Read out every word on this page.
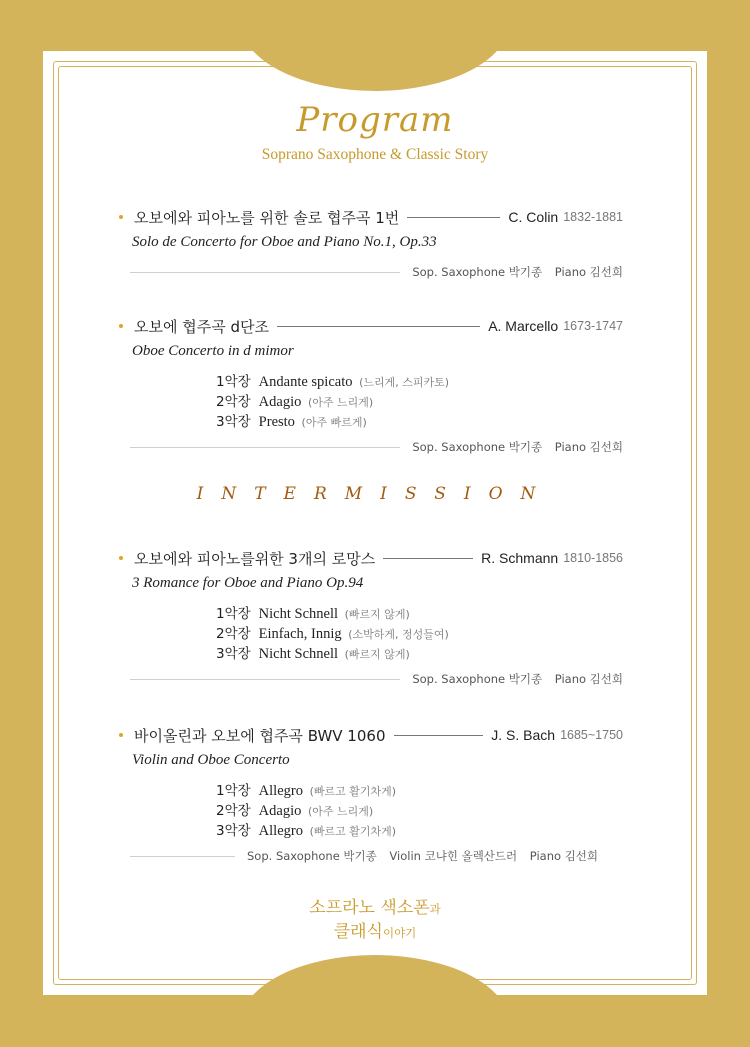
Program
Soprano Saxophone & Classic Story
오보에와 피아노를 위한 솔로 협주곡 1번	C. Colin 1832-1881
Solo de Concerto for Oboe and Piano No.1, Op.33
Sop. Saxophone 박기종 Piano 김선희
오보에 협주곡 d단조	A. Marcello 1673-1747
Oboe Concerto in d mimor
1악장 Andante spicato (느리게, 스피카토)
2악장 Adagio (아주 느리게)
3악장 Presto (아주 빠르게)
Sop. Saxophone 박기종 Piano 김선희
INTERMISSION
오보에와 피아노를위한 3개의 로망스	R. Schmann 1810-1856
3 Romance for Oboe and Piano Op.94
1악장 Nicht Schnell (빠르지 않게)
2악장 Einfach, Innig (소박하게, 정성들여)
3악장 Nicht Schnell (빠르지 않게)
Sop. Saxophone 박기종 Piano 김선희
바이올린과 오보에 협주곡 BWV 1060	J. S. Bach 1685~1750
Violin and Oboe Concerto
1악장 Allegro (빠르고 활기차게)
2악장 Adagio (아주 느리게)
3악장 Allegro (빠르고 활기차게)
Sop. Saxophone 박기종 Violin 코냐힌 올렉산드러 Piano 김선희
소프라노 색소폰과
클래식이야기
